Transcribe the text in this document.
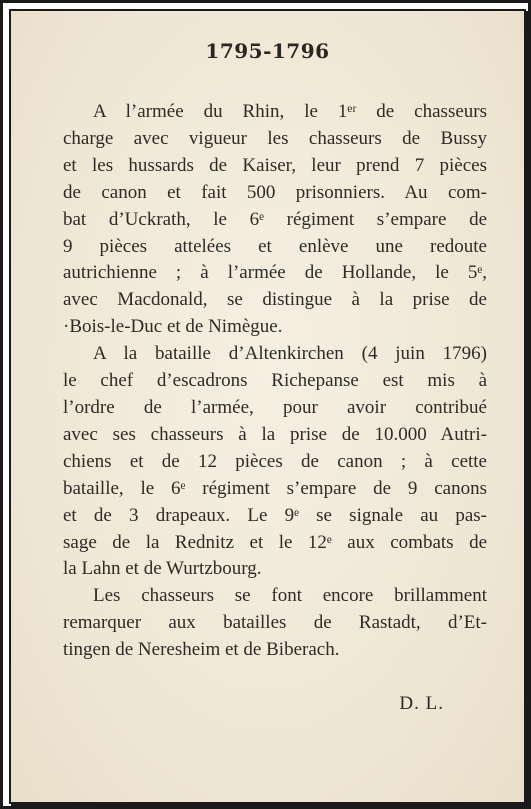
1795-1796
A l’armée du Rhin, le 1ᵉʳ de chasseurs
charge avec vigueur les chasseurs de Bussy
et les hussards de Kaiser, leur prend 7 pièces
de canon et fait 500 prisonniers. Au com-
bat d’Uckrath, le 6ᵉ régiment s’empare de
9 pièces attelées et enlève une redoute
autrichienne ; à l’armée de Hollande, le 5ᵉ,
avec Macdonald, se distingue à la prise de
·Bois-le-Duc et de Nimègue.
A la bataille d’Altenkirchen (4 juin 1796)
le chef d’escadrons Richepanse est mis à
l’ordre de l’armée, pour avoir contribué
avec ses chasseurs à la prise de 10.000 Autri-
chiens et de 12 pièces de canon ; à cette
bataille, le 6ᵉ régiment s’empare de 9 canons
et de 3 drapeaux. Le 9ᵉ se signale au pas-
sage de la Rednitz et le 12ᵉ aux combats de
la Lahn et de Wurtzbourg.
Les chasseurs se font encore brillamment
remarquer aux batailles de Rastadt, d’Et-
tingen de Neresheim et de Biberach.
D. L.
